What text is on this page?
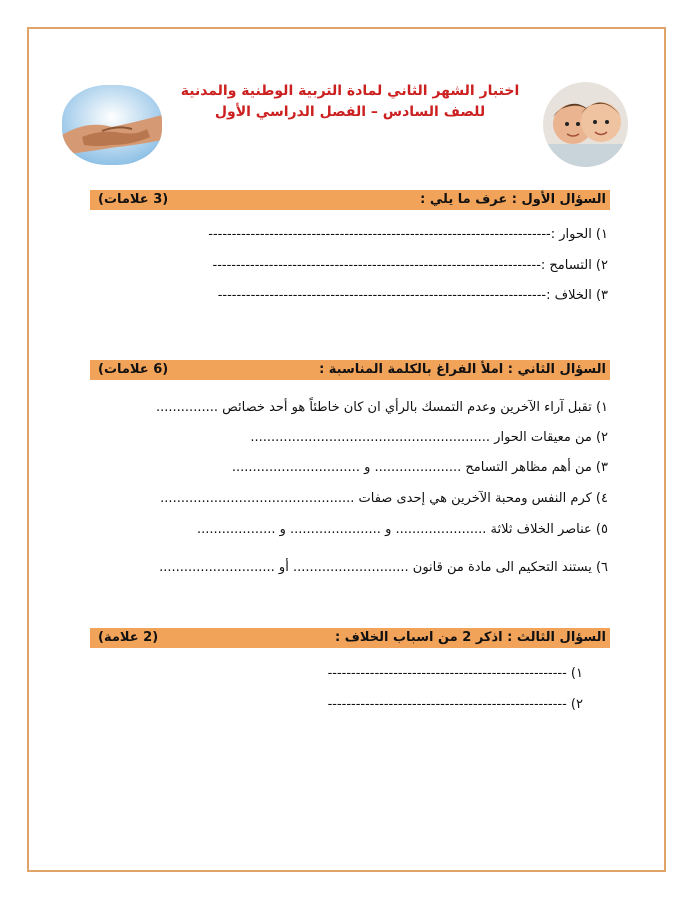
اختبار الشهر الثاني لمادة التربية الوطنية والمدنية
للصف السادس – الفصل الدراسي الأول
السؤال الأول : عرف ما يلي :
(3 علامات)
١) الحوار :-------------------------------------------------------------------------
٢) التسامح :----------------------------------------------------------------------
٣) الخلاف :----------------------------------------------------------------------
السؤال الثاني : املأ الفراغ بالكلمة المناسبة :
(6 علامات)
١) تقبل آراء الآخرين وعدم التمسك بالرأي ان كان خاطئاً هو أحد خصائص ...............
٢) من معيقات الحوار ..........................................................
٣) من أهم مظاهر التسامح ..................... و ...............................
٤) كرم النفس ومحبة الآخرين هي إحدى صفات ...............................................
٥) عناصر الخلاف ثلاثة ...................... و ...................... و ...................
٦) يستند التحكيم الى مادة من قانون ............................ أو ............................
السؤال الثالث : اذكر 2 من اسباب الخلاف :
(2 علامة)
١) ---------------------------------------------------
٢) ---------------------------------------------------
